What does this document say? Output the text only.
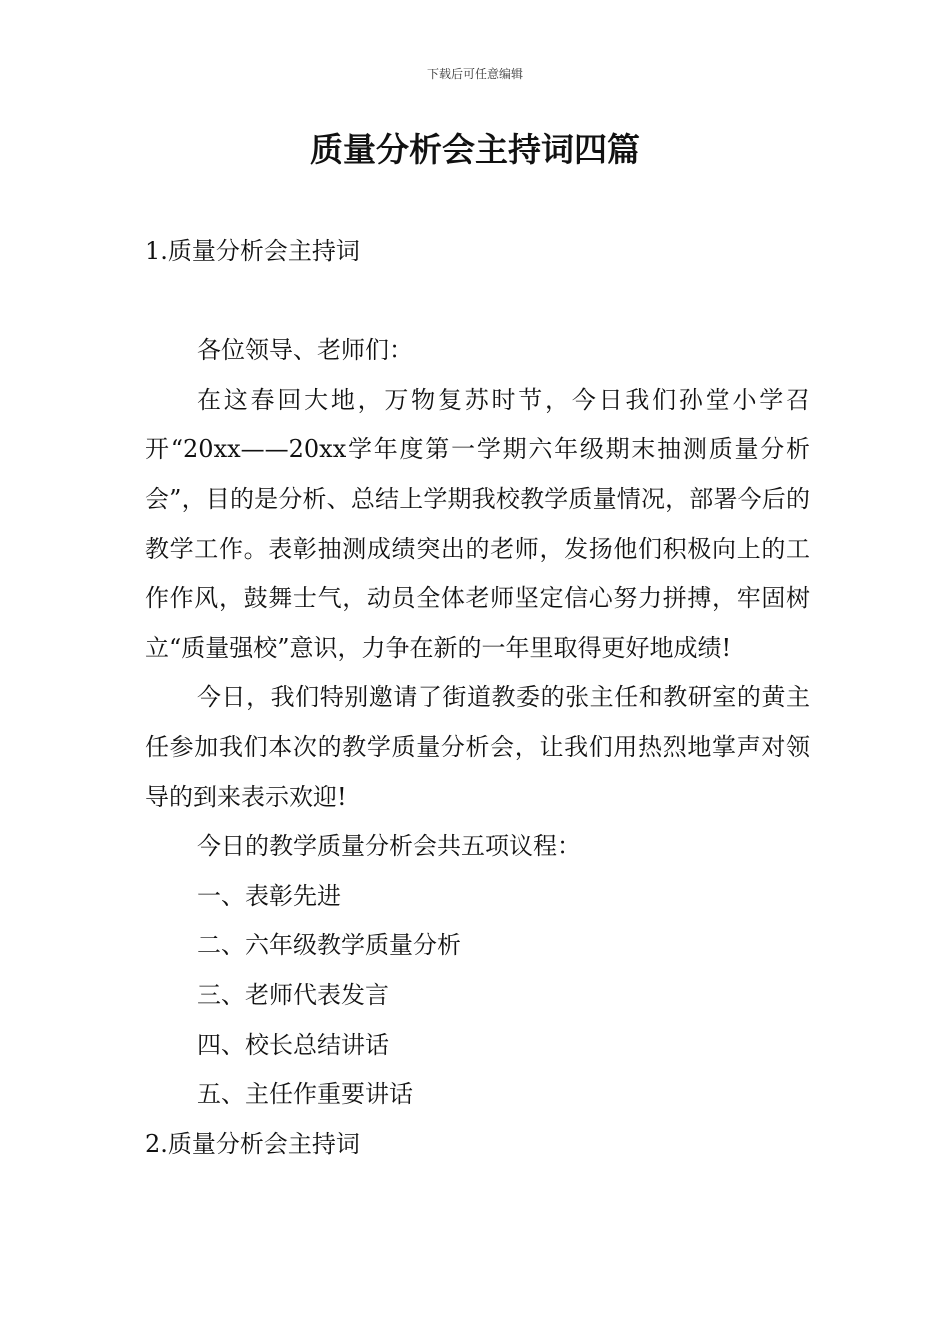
下载后可任意编辑
质量分析会主持词四篇
1.质量分析会主持词

各位领导、老师们：

在这春回大地，万物复苏时节，今日我们孙堂小学召开“20xx——20xx学年度第一学期六年级期末抽测质量分析会”，目的是分析、总结上学期我校教学质量情况，部署今后的教学工作。表彰抽测成绩突出的老师，发扬他们积极向上的工作作风，鼓舞士气，动员全体老师坚定信心努力拼搏，牢固树立“质量强校”意识，力争在新的一年里取得更好地成绩!

今日，我们特别邀请了街道教委的张主任和教研室的黄主任参加我们本次的教学质量分析会，让我们用热烈地掌声对领导的到来表示欢迎!

今日的教学质量分析会共五项议程：

一、表彰先进
二、六年级教学质量分析
三、老师代表发言
四、校长总结讲话
五、主任作重要讲话
2.质量分析会主持词
